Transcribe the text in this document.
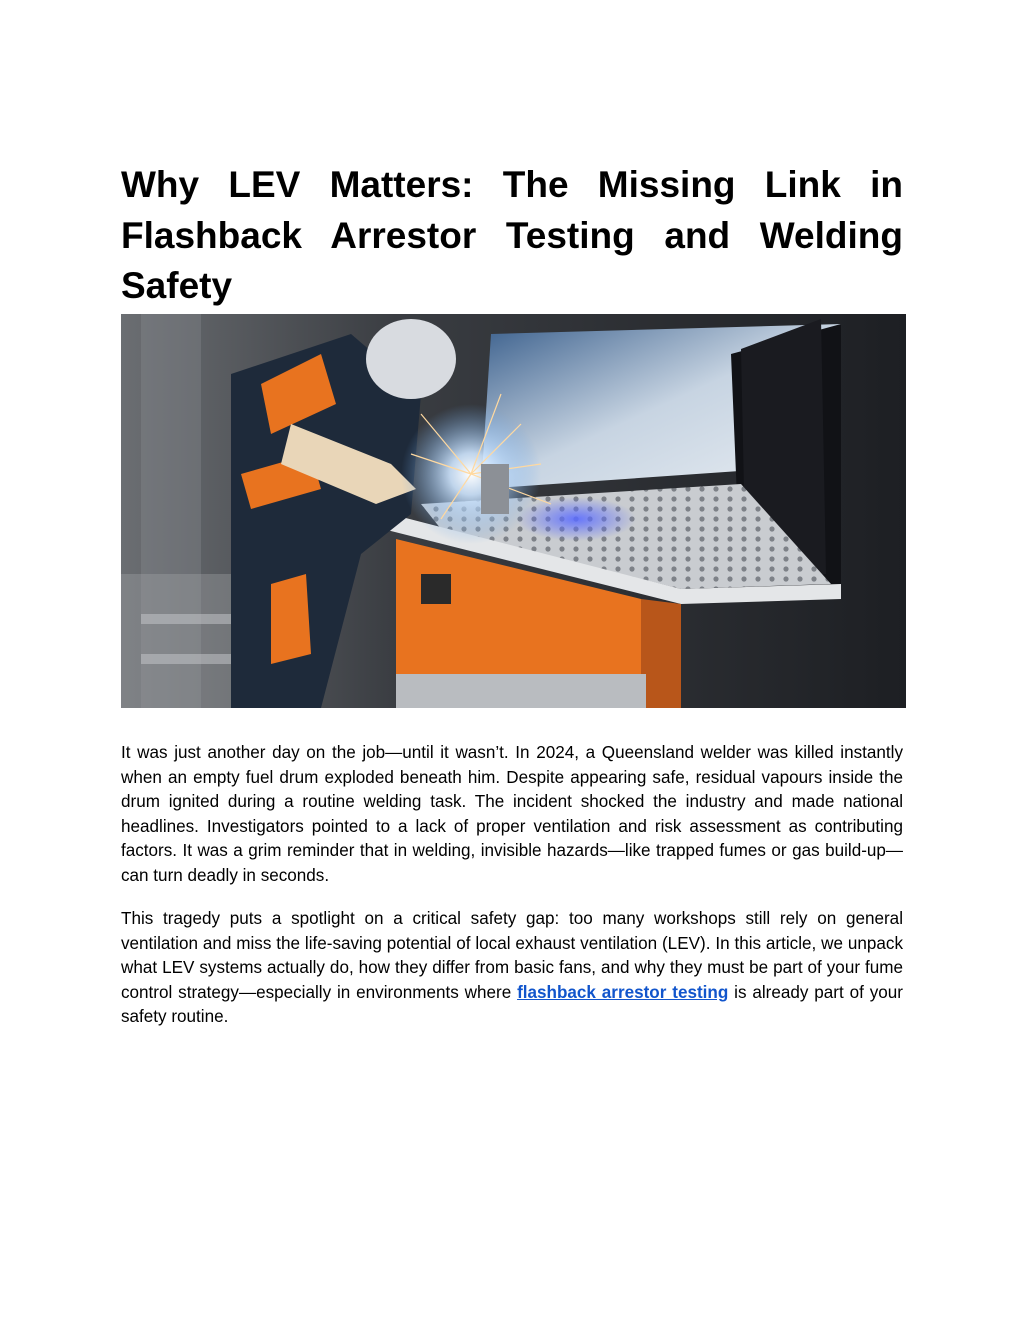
Why LEV Matters: The Missing Link in Flashback Arrestor Testing and Welding Safety

It was just another day on the job—until it wasn’t. In 2024, a Queensland welder was killed instantly when an empty fuel drum exploded beneath him. Despite appearing safe, residual vapours inside the drum ignited during a routine welding task. The incident shocked the industry and made national headlines. Investigators pointed to a lack of proper ventilation and risk assessment as contributing factors. It was a grim reminder that in welding, invisible hazards—like trapped fumes or gas build-up—can turn deadly in seconds.

This tragedy puts a spotlight on a critical safety gap: too many workshops still rely on general ventilation and miss the life-saving potential of local exhaust ventilation (LEV). In this article, we unpack what LEV systems actually do, how they differ from basic fans, and why they must be part of your fume control strategy—especially in environments where flashback arrestor testing is already part of your safety routine.
